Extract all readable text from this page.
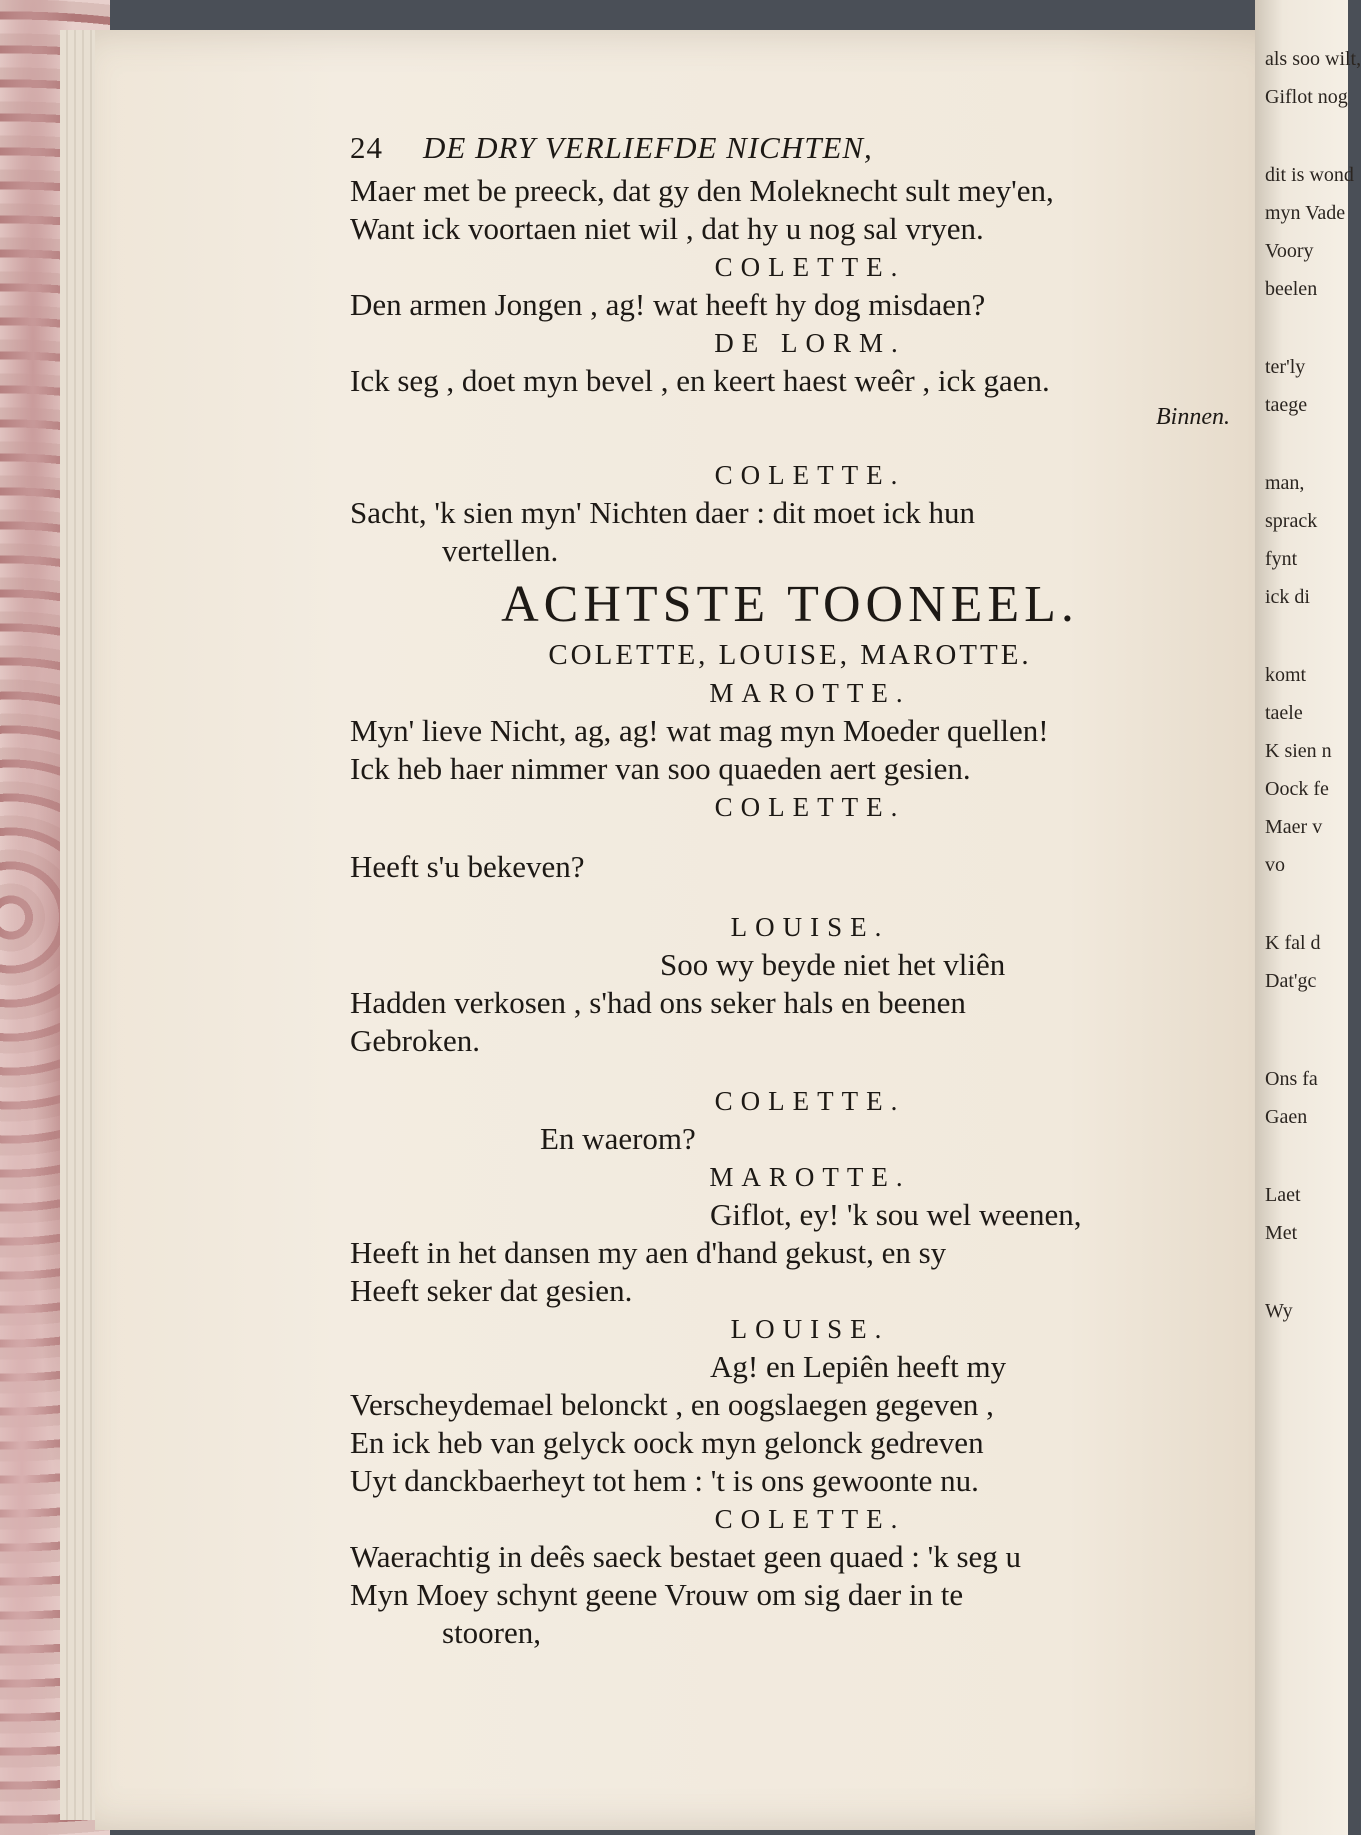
als soo wilt,
Giflot nog
dit is wond
myn Vade
Voory
beelen
ter'ly
taege
man,
sprack
fynt
ick di
komt
taele
K sien n
Oock fe
Maer v
vo
K fal d
Dat'gc
Ons fa
Gaen
Laet
Met
Wy
24 DE DRY VERLIEFDE NICHTEN,
Maer met be preeck, dat gy den Moleknecht sult mey'en,
Want ick voortaen niet wil , dat hy u nog sal vryen.
COLETTE.
Den armen Jongen , ag! wat heeft hy dog misdaen?
DE LORM.
Ick seg , doet myn bevel , en keert haest weêr , ick gaen.
Binnen.
COLETTE.
Sacht, 'k sien myn' Nichten daer : dit moet ick hun
vertellen.
ACHTSTE TOONEEL.
COLETTE, LOUISE, MAROTTE.
MAROTTE.
Myn' lieve Nicht, ag, ag! wat mag myn Moeder quellen!
Ick heb haer nimmer van soo quaeden aert gesien.
COLETTE.
Heeft s'u bekeven?
LOUISE.
Soo wy beyde niet het vliên
Hadden verkosen , s'had ons seker hals en beenen
Gebroken.
COLETTE.
En waerom?
MAROTTE.
Giflot, ey! 'k sou wel weenen,
Heeft in het dansen my aen d'hand gekust, en sy
Heeft seker dat gesien.
LOUISE.
Ag! en Lepiên heeft my
Verscheydemael belonckt , en oogslaegen gegeven ,
En ick heb van gelyck oock myn gelonck gedreven
Uyt danckbaerheyt tot hem : 't is ons gewoonte nu.
COLETTE.
Waerachtig in deês saeck bestaet geen quaed : 'k seg u
Myn Moey schynt geene Vrouw om sig daer in te
stooren,
